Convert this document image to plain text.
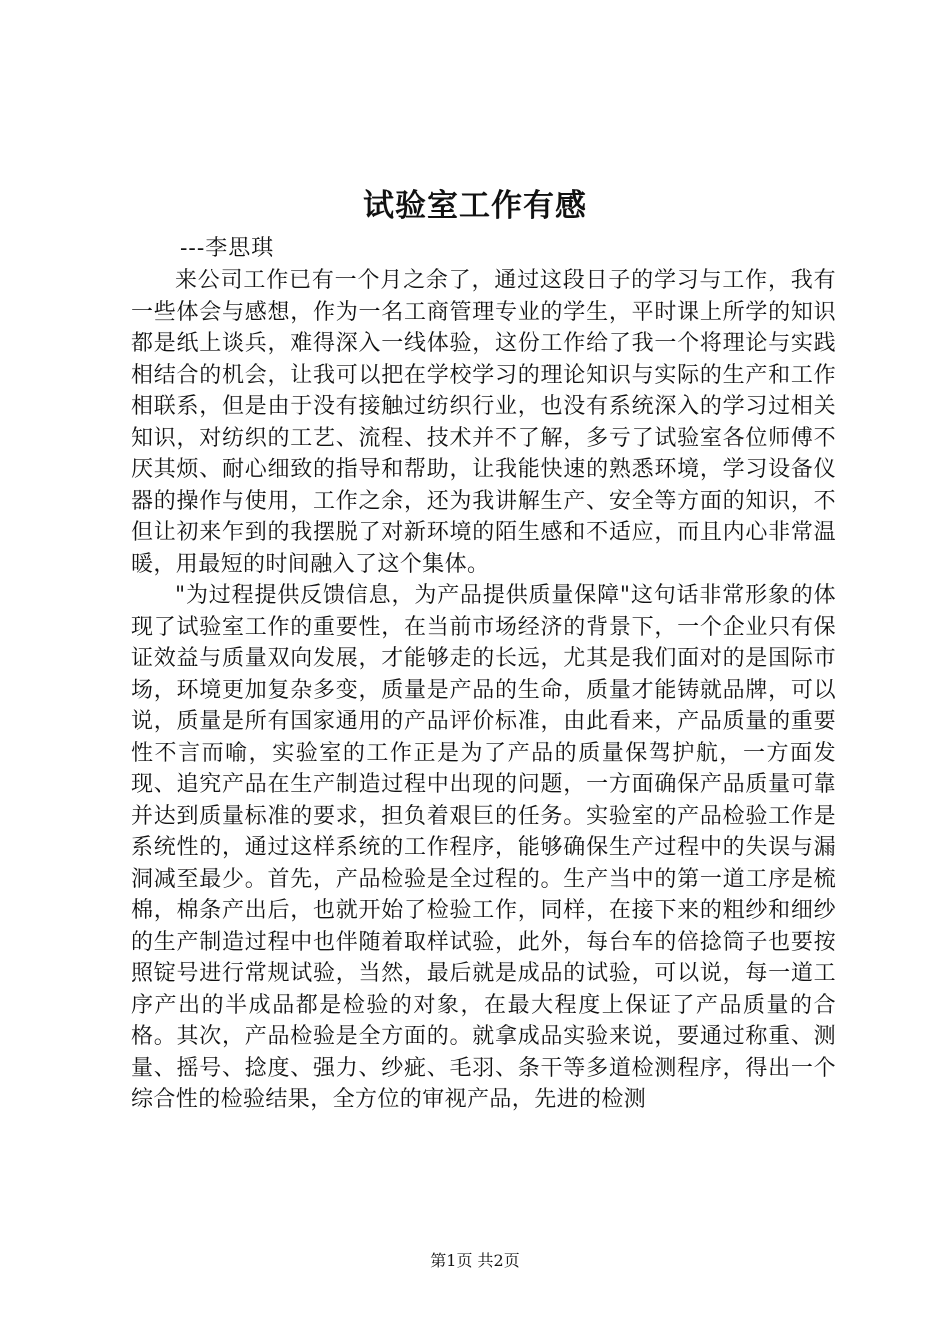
试验室工作有感
---李思琪

来公司工作已有一个月之余了，通过这段日子的学习与工作，我有一些体会与感想，作为一名工商管理专业的学生，平时课上所学的知识都是纸上谈兵，难得深入一线体验，这份工作给了我一个将理论与实践相结合的机会，让我可以把在学校学习的理论知识与实际的生产和工作相联系，但是由于没有接触过纺织行业，也没有系统深入的学习过相关知识，对纺织的工艺、流程、技术并不了解，多亏了试验室各位师傅不厌其烦、耐心细致的指导和帮助，让我能快速的熟悉环境，学习设备仪器的操作与使用，工作之余，还为我讲解生产、安全等方面的知识，不但让初来乍到的我摆脱了对新环境的陌生感和不适应，而且内心非常温暖，用最短的时间融入了这个集体。

"为过程提供反馈信息，为产品提供质量保障"这句话非常形象的体现了试验室工作的重要性，在当前市场经济的背景下，一个企业只有保证效益与质量双向发展，才能够走的长远，尤其是我们面对的是国际市场，环境更加复杂多变，质量是产品的生命，质量才能铸就品牌，可以说，质量是所有国家通用的产品评价标准，由此看来，产品质量的重要性不言而喻，实验室的工作正是为了产品的质量保驾护航，一方面发现、追究产品在生产制造过程中出现的问题，一方面确保产品质量可靠并达到质量标准的要求，担负着艰巨的任务。实验室的产品检验工作是系统性的，通过这样系统的工作程序，能够确保生产过程中的失误与漏洞减至最少。首先，产品检验是全过程的。生产当中的第一道工序是梳棉，棉条产出后，也就开始了检验工作，同样，在接下来的粗纱和细纱的生产制造过程中也伴随着取样试验，此外，每台车的倍捻筒子也要按照锭号进行常规试验，当然，最后就是成品的试验，可以说，每一道工序产出的半成品都是检验的对象，在最大程度上保证了产品质量的合格。其次，产品检验是全方面的。就拿成品实验来说，要通过称重、测量、摇号、捻度、强力、纱疵、毛羽、条干等多道检测程序，得出一个综合性的检验结果，全方位的审视产品，先进的检测

第1页 共2页
